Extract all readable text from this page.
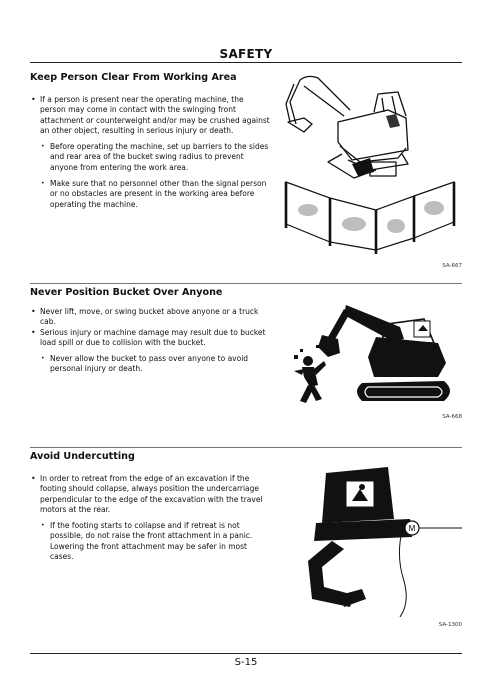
SAFETY
Keep Person Clear From Working Area

• If a person is present near the operating machine, the person may come in contact with the swinging front attachment or counterweight and/or may be crushed against an other object, resulting in serious injury or death.

• Before operating the machine, set up barriers to the sides and rear area of the bucket swing radius to prevent anyone from entering the work area.

• Make sure that no personnel other than the signal person or no obstacles are present in the working area before operating the machine.

SA-667
Never Position Bucket Over Anyone

• Never lift, move, or swing bucket above anyone or a truck cab.

• Serious injury or machine damage may result due to bucket load spill or due to collision with the bucket.

• Never allow the bucket to pass over anyone to avoid personal injury or death.

SA-668
Avoid Undercutting

• In order to retreat from the edge of an excavation if the footing should collapse, always position the undercarriage perpendicular to the edge of the excavation with the travel motors at the rear.

• If the footing starts to collapse and if retreat is not possible, do not raise the front attachment in a panic. Lowering the front attachment may be safer in most cases.

M
SA-1300
S-15
